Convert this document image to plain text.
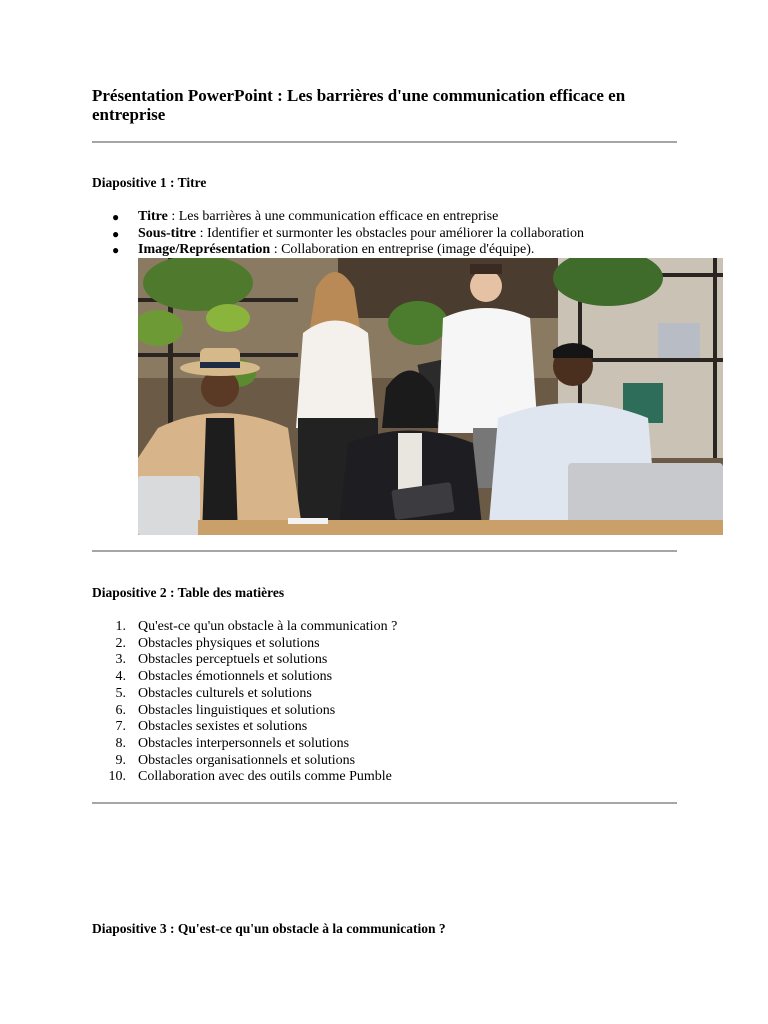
Présentation PowerPoint : Les barrières d'une communication efficace en entreprise
Diapositive 1 : Titre
● Titre : Les barrières à une communication efficace en entreprise
● Sous-titre : Identifier et surmonter les obstacles pour améliorer la collaboration
● Image/Représentation : Collaboration en entreprise (image d'équipe).
Diapositive 2 : Table des matières
1. Qu'est-ce qu'un obstacle à la communication ?
2. Obstacles physiques et solutions
3. Obstacles perceptuels et solutions
4. Obstacles émotionnels et solutions
5. Obstacles culturels et solutions
6. Obstacles linguistiques et solutions
7. Obstacles sexistes et solutions
8. Obstacles interpersonnels et solutions
9. Obstacles organisationnels et solutions
10. Collaboration avec des outils comme Pumble
Diapositive 3 : Qu'est-ce qu'un obstacle à la communication ?
